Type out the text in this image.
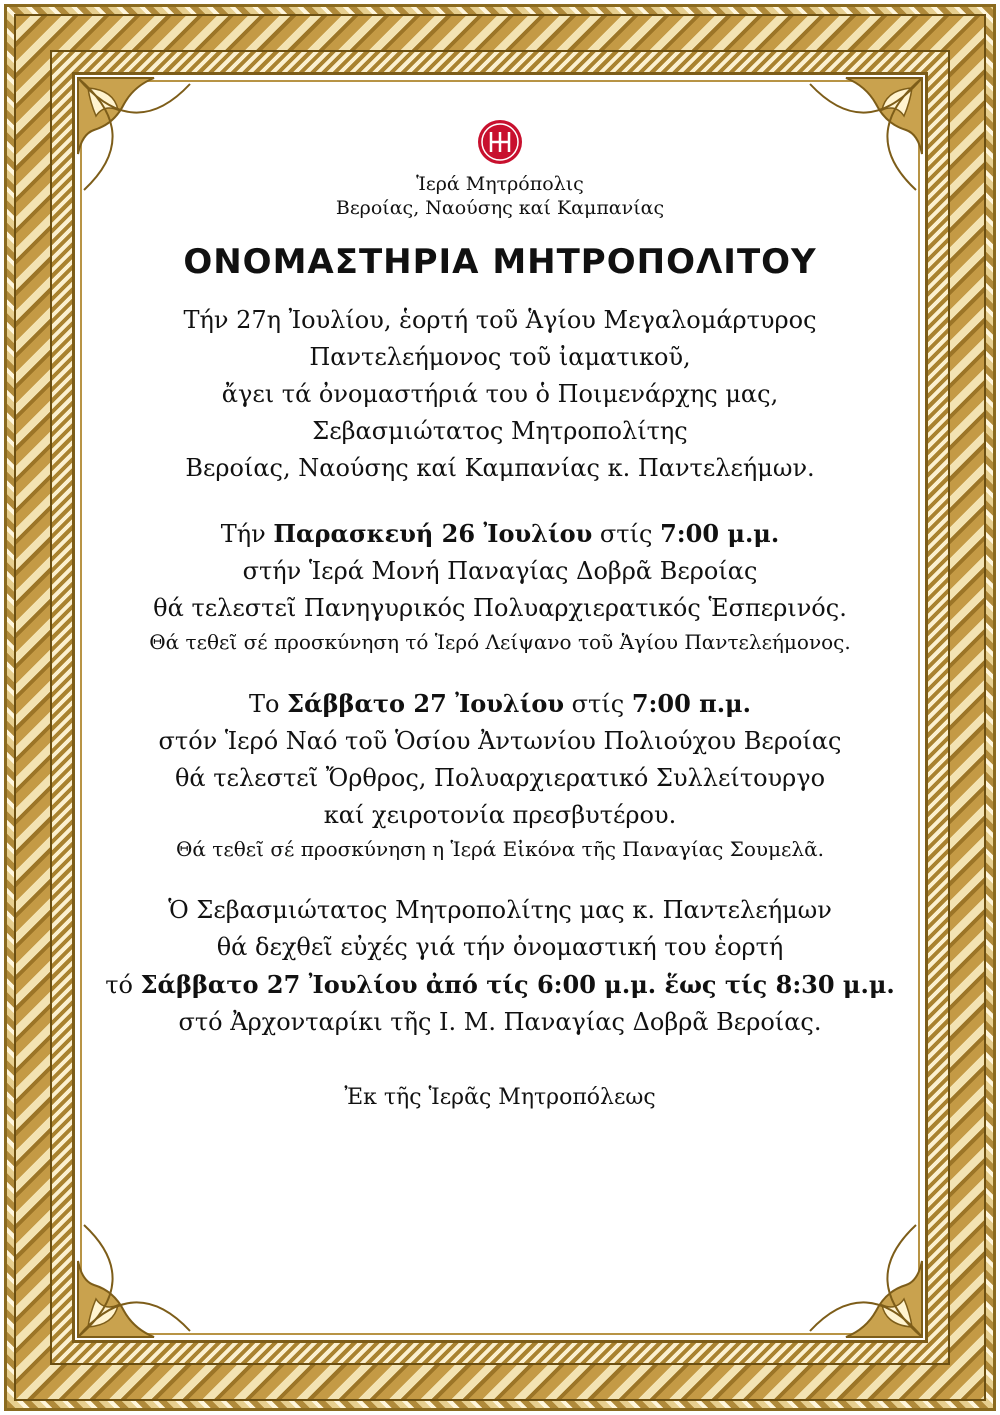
Ἱερά Μητρόπολις
Βεροίας, Ναούσης καί Καμπανίας
ΟΝΟΜΑΣΤΗΡΙΑ ΜΗΤΡΟΠΟΛΙΤΟΥ
Τήν 27η Ἰουλίου, ἑορτή τοῦ Ἁγίου Μεγαλομάρτυρος
Παντελεήμονος τοῦ ἰαματικοῦ,
ἄγει τά ὀνομαστήριά του ὁ Ποιμενάρχης μας,
Σεβασμιώτατος Μητροπολίτης
Βεροίας, Ναούσης καί Καμπανίας κ. Παντελεήμων.
Τήν Παρασκευή 26 Ἰουλίου στίς 7:00 μ.μ.
στήν Ἱερά Μονή Παναγίας Δοβρᾶ Βεροίας
θά τελεστεῖ Πανηγυρικός Πολυαρχιερατικός Ἑσπερινός.
Θά τεθεῖ σέ προσκύνηση τό Ἱερό Λείψανο τοῦ Ἁγίου Παντελεήμονος.
Το Σάββατο 27 Ἰουλίου στίς 7:00 π.μ.
στόν Ἱερό Ναό τοῦ Ὁσίου Ἀντωνίου Πολιούχου Βεροίας
θά τελεστεῖ Ὄρθρος, Πολυαρχιερατικό Συλλείτουργο
καί χειροτονία πρεσβυτέρου.
Θά τεθεῖ σέ προσκύνηση η Ἱερά Εἰκόνα τῆς Παναγίας Σουμελᾶ.
Ὁ Σεβασμιώτατος Μητροπολίτης μας κ. Παντελεήμων
θά δεχθεῖ εὐχές γιά τήν ὀνομαστική του ἑορτή
τό Σάββατο 27 Ἰουλίου ἀπό τίς 6:00 μ.μ. ἕως τίς 8:30 μ.μ.
στό Ἀρχονταρίκι τῆς Ι. Μ. Παναγίας Δοβρᾶ Βεροίας.
Ἐκ τῆς Ἱερᾶς Μητροπόλεως
